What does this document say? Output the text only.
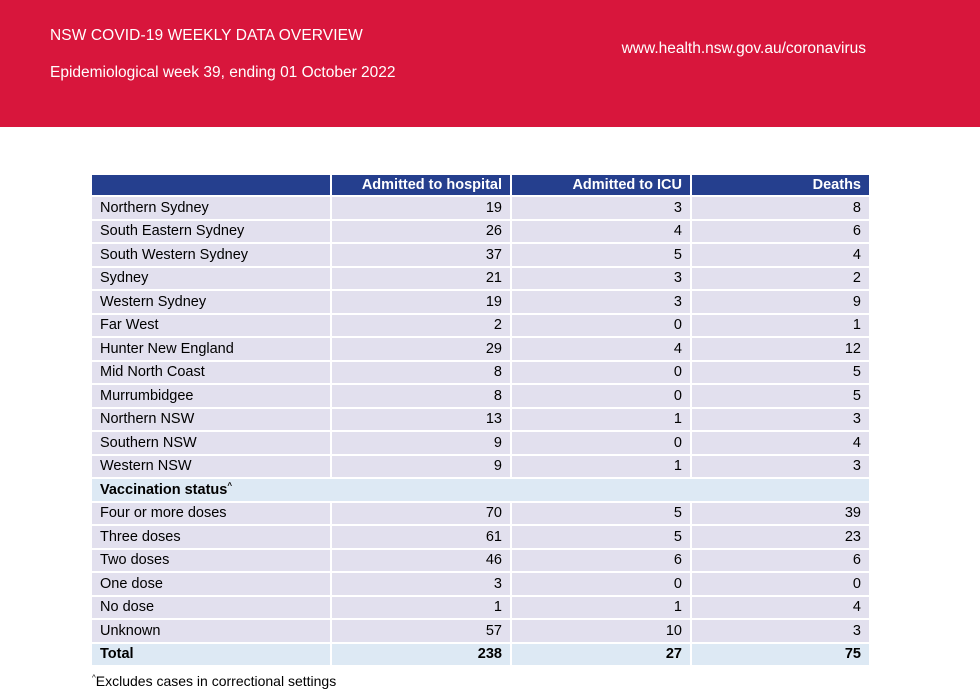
NSW COVID-19 WEEKLY DATA OVERVIEW
Epidemiological week 39, ending 01 October 2022
www.health.nsw.gov.au/coronavirus
	Admitted to hospital	Admitted to ICU	Deaths
Northern Sydney	19	3	8
South Eastern Sydney	26	4	6
South Western Sydney	37	5	4
Sydney	21	3	2
Western Sydney	19	3	9
Far West	2	0	1
Hunter New England	29	4	12
Mid North Coast	8	0	5
Murrumbidgee	8	0	5
Northern NSW	13	1	3
Southern NSW	9	0	4
Western NSW	9	1	3
Vaccination status^
Four or more doses	70	5	39
Three doses	61	5	23
Two doses	46	6	6
One dose	3	0	0
No dose	1	1	4
Unknown	57	10	3
Total	238	27	75
^Excludes cases in correctional settings
